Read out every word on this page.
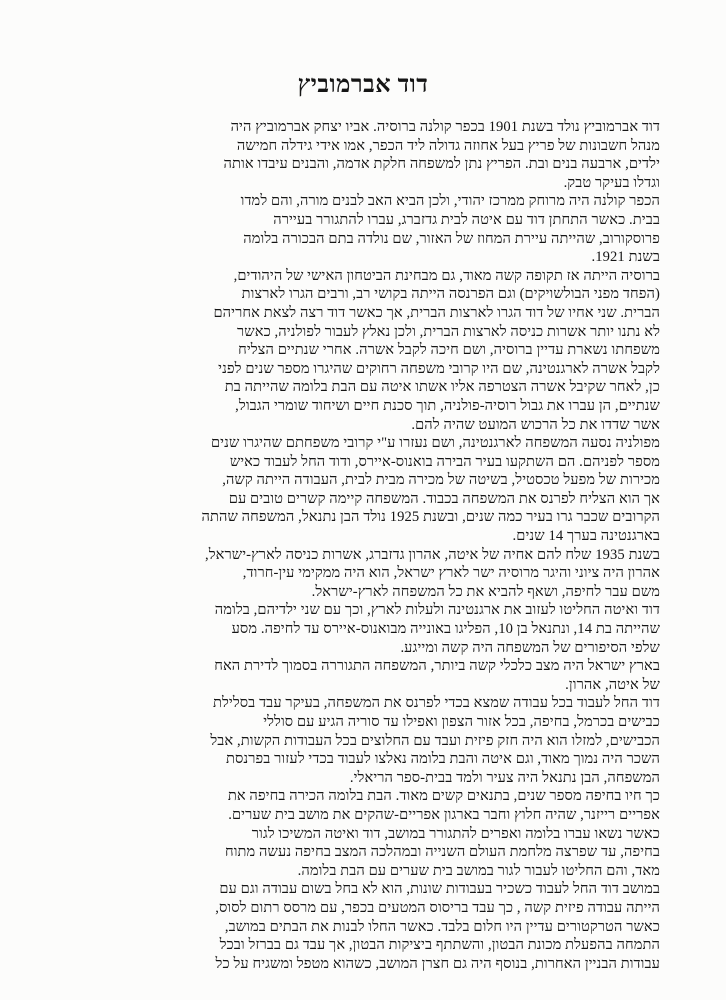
דוד אברמוביץ
דוד אברמוביץ נולד בשנת 1901 בכפר קולנה ברוסיה. אביו יצחק אברמוביץ היה
מנהל חשבונות של פריץ בעל אחוזה גדולה ליד הכפר, אמו אידי גידלה חמישה
ילדים, ארבעה בנים ובת. הפריץ נתן למשפחה חלקת אדמה, והבנים עיבדו אותה
וגדלו בעיקר טבק.
הכפר קולנה היה מרוחק ממרכז יהודי, ולכן הביא האב לבנים מורה, והם למדו
בבית. כאשר התחתן דוד עם איטה לבית גדזברג, עברו להתגורר בעיירה
פרוסקורוב, שהייתה עיירת המחוז של האזור, שם נולדה בתם הבכורה בלומה
בשנת 1921.
ברוסיה הייתה אז תקופה קשה מאוד, גם מבחינת הביטחון האישי של היהודים,
(הפחד מפני הבולשויקים) וגם הפרנסה הייתה בקושי רב, ורבים הגרו לארצות
הברית. שני אחיו של דוד הגרו לארצות הברית, אך כאשר דוד רצה לצאת אחריהם
לא נתנו יותר אשרות כניסה לארצות הברית, ולכן נאלץ לעבור לפולניה, כאשר
משפחתו נשארת עדיין ברוסיה, ושם חיכה לקבל אשרה. אחרי שנתיים הצליח
לקבל אשרה לארגנטינה, שם היו קרובי משפחה רחוקים שהיגרו מספר שנים לפני
כן, לאחר שקיבל אשרה הצטרפה אליו אשתו איטה עם הבת בלומה שהייתה בת
שנתיים, הן עברו את גבול רוסיה-פולניה, תוך סכנת חיים ושיחוד שומרי הגבול,
אשר שדדו את כל הרכוש המועט שהיה להם.
מפולניה נסעה המשפחה לארגנטינה, ושם נעזרו ע"י קרובי משפחתם שהיגרו שנים
מספר לפניהם. הם השתקעו בעיר הבירה בואנוס-איירס, ודוד החל לעבוד כאיש
מכירות של מפעל טכסטיל, בשיטה של מכירה מבית לבית, העבודה הייתה קשה,
אך הוא הצליח לפרנס את המשפחה בכבוד. המשפחה קיימה קשרים טובים עם
הקרובים שכבר גרו בעיר כמה שנים, ובשנת 1925 נולד הבן נתנאל, המשפחה שהתה
בארגנטינה בערך 14 שנים.
בשנת 1935 שלח להם אחיה של איטה, אהרון גדזברג, אשרות כניסה לארץ-ישראל,
אהרון היה ציוני והיגר מרוסיה ישר לארץ ישראל, הוא היה ממקימי עין-חרוד,
משם עבר לחיפה, ושאף להביא את כל המשפחה לארץ-ישראל.
דוד ואיטה החליטו לעזוב את ארגנטינה ולעלות לארץ, וכך עם שני ילדיהם, בלומה
שהייתה בת 14, ונתנאל בן 10, הפליגו באונייה מבואנוס-איירס עד לחיפה. מסע
שלפי הסיפורים של המשפחה היה קשה ומייגע.
בארץ ישראל היה מצב כלכלי קשה ביותר, המשפחה התגוררה בסמוך לדירת האח
של איטה, אהרון.
דוד החל לעבוד בכל עבודה שמצא בכדי לפרנס את המשפחה, בעיקר עבד בסלילת
כבישים בכרמל, בחיפה, בכל אזור הצפון ואפילו עד סוריה הגיע עם סוללי
הכבישים, למזלו הוא היה חזק פיזית ועבד עם החלוצים בכל העבודות הקשות, אבל
השכר היה נמוך מאוד, וגם איטה והבת בלומה נאלצו לעבוד בכדי לעזור בפרנסת
המשפחה, הבן נתנאל היה צעיר ולמד בבית-ספר הריאלי.
כך חיו בחיפה מספר שנים, בתנאים קשים מאוד. הבת בלומה הכירה בחיפה את
אפריים רייזנר, שהיה חלוץ וחבר בארגון אפריים-שהקים את מושב בית שערים.
כאשר נשאו עברו בלומה ואפרים להתגורר במושב, דוד ואיטה המשיכו לגור
בחיפה, עד שפרצה מלחמת העולם השנייה ובמהלכה המצב בחיפה נעשה מתוח
מאד, והם החליטו לעבור לגור במושב בית שערים עם הבת בלומה.
במושב דוד החל לעבוד כשכיר בעבודות שונות, הוא לא בחל בשום עבודה וגם עם
הייתה עבודה פיזית קשה , כך עבד בריסוס המטעים בכפר, עם מרסס רתום לסוס,
כאשר הטרקטורים עדיין היו חלום בלבד. כאשר החלו לבנות את הבתים במושב,
התמחה בהפעלת מכונת הבטון, והשתתף ביציקות הבטון, אך עבד גם בברזל ובכל
עבודות הבניין האחרות, בנוסף היה גם חצרן המושב, כשהוא מטפל ומשגיח על כל
